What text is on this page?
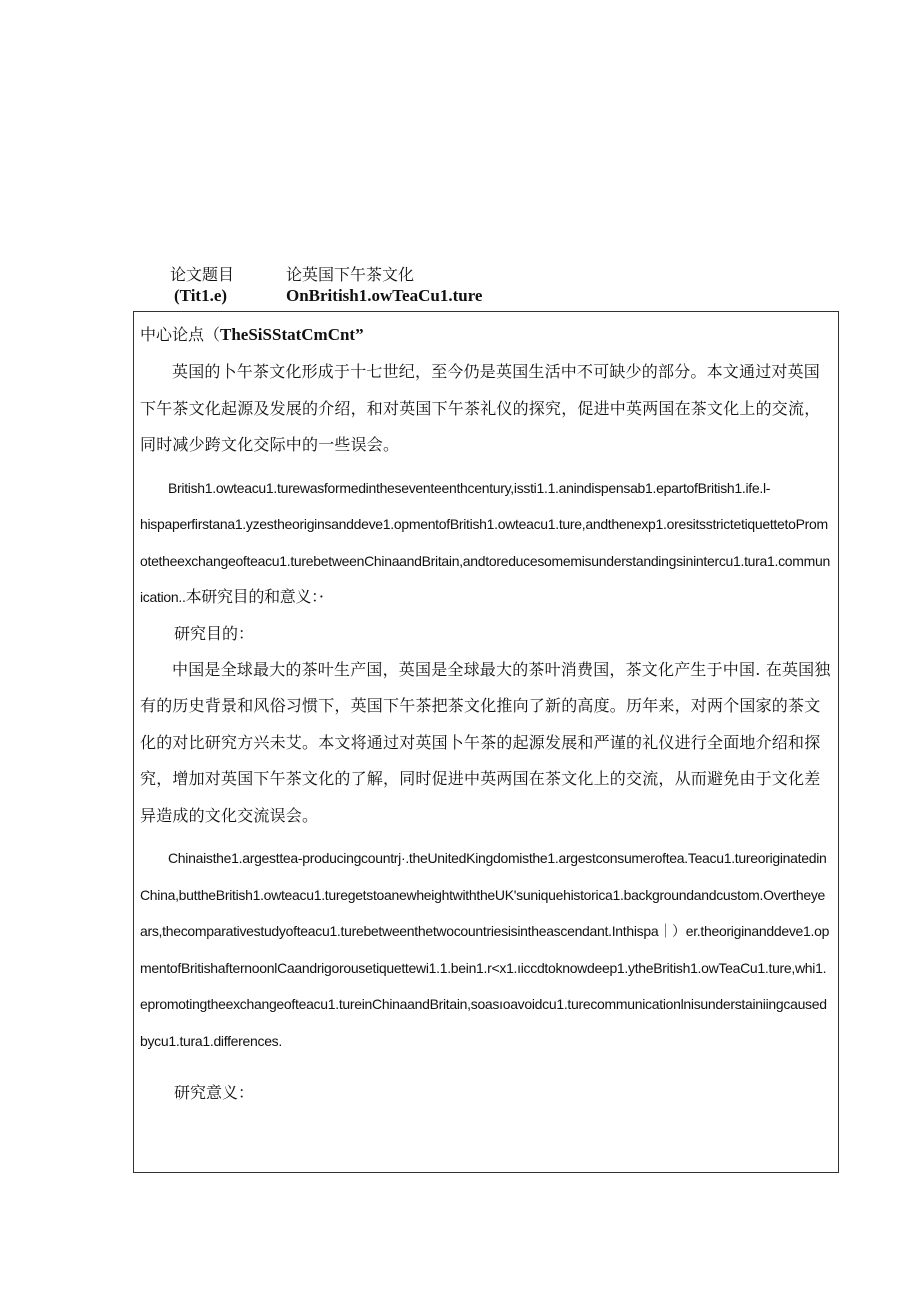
论文题目	论英国下午茶文化
(Tit1.e)	OnBritish1.owTeaCu1.ture

中心论点（TheSiSStatCmCnt”

英国的卜午茶文化形成于十七世纪，至今仍是英国生活中不可缺少的部分。本文通过对英国下午茶文化起源及发展的介绍，和对英国下午茶礼仪的探究，促进中英两国在茶文化上的交流，同时减少跨文化交际中的一些误会。

British1.owteacu1.turewasformedintheseventeenthcentury,issti1.1.anindispensab1.epartofBritish1.ife.l-

hispaperfirstana1.yzestheoriginsanddeve1.opmentofBritish1.owteacu1.ture,andthenexp1.oresitsstrictetiquettetoPromotetheexchangeofteacu1.turebetweenChinaandBritain,andtoreducesomemisunderstandingsinintercu1.tura1.communication..本研究目的和意义：·

研究目的：

中国是全球最大的茶叶生产国，英国是全球最大的茶叶消费国，茶文化产生于中国. 在英国独有的历史背景和风俗习惯下，英国下午茶把茶文化推向了新的高度。历年来，对两个国家的茶文化的对比研究方兴未艾。本文将通过对英国卜午茶的起源发展和严谨的礼仪进行全面地介绍和探究，增加对英国下午茶文化的了解，同时促进中英两国在茶文化上的交流，从而避免由于文化差异造成的文化交流误会。

Chinaisthe1.argesttea-producingcountrj·.theUnitedKingdomisthe1.argestconsumeroftea.Teacu1.tureoriginatedinChina,buttheBritish1.owteacu1.turegetstoanewheightwiththeUK'suniquehistorica1.backgroundandcustom.Overtheyears,thecomparativestudyofteacu1.turebetweenthetwocountriesisintheascendant.Inthispa｜）er.theoriginanddeve1.opmentofBritishafternoonlCaandrigorousetiquettewi1.1.bein1.r<x1.ıiccdtoknowdeep1.ytheBritish1.owTeaCu1.ture,whi1.epromotingtheexchangeofteacu1.tureinChinaandBritain,soasıoavoidcu1.turecommunicationlnisunderstainiingcausedbycu1.tura1.differences.

研究意义：
